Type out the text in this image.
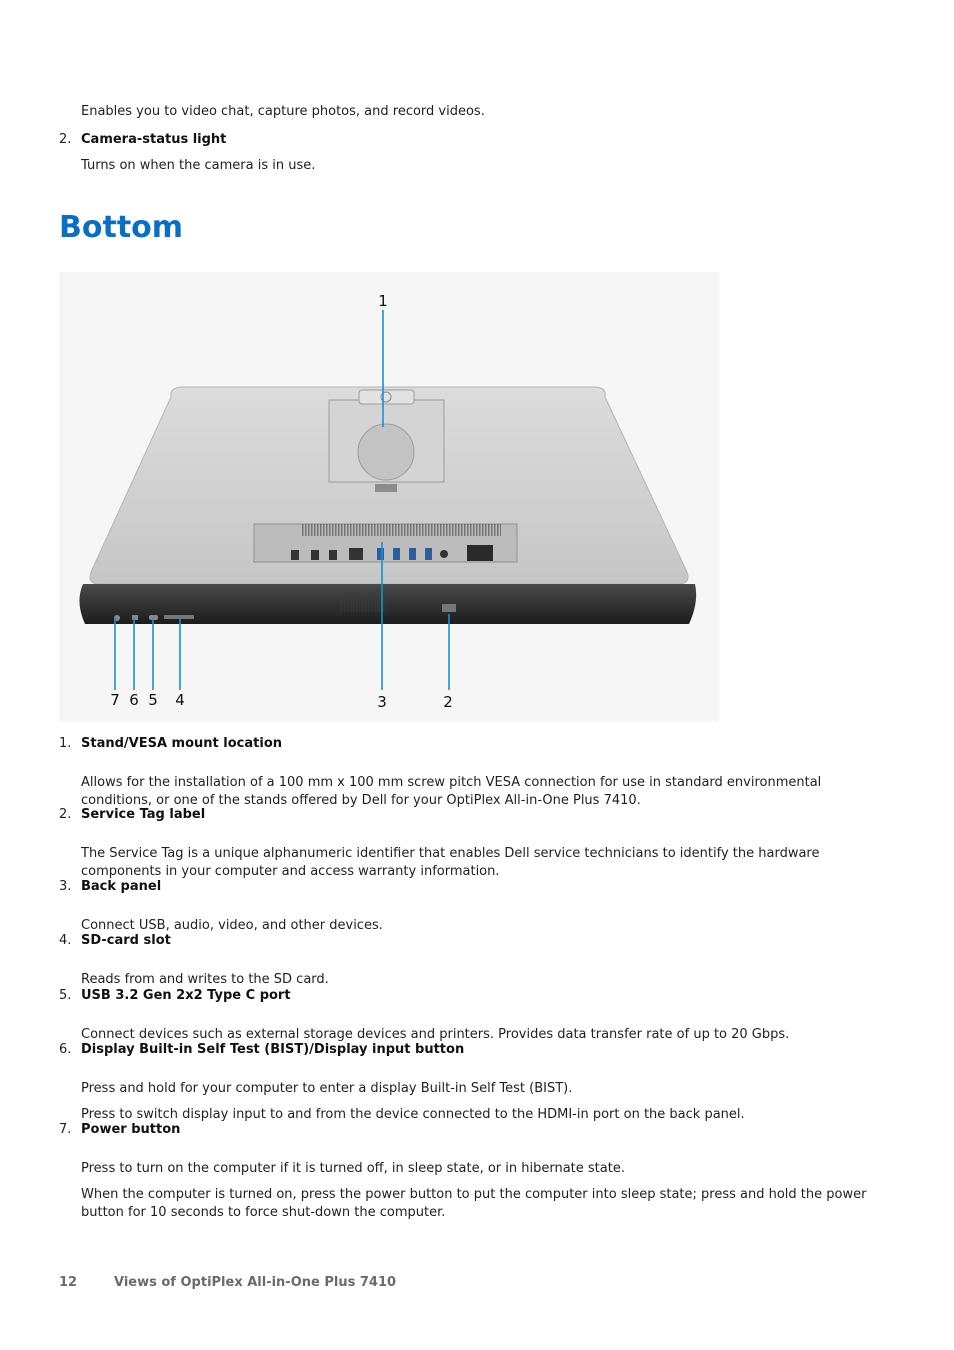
Enables you to video chat, capture photos, and record videos.

2. Camera-status light

Turns on when the camera is in use.

Bottom
1
2
3
4
5
6
7
1. Stand/VESA mount location

Allows for the installation of a 100 mm x 100 mm screw pitch VESA connection for use in standard environmental conditions, or one of the stands offered by Dell for your OptiPlex All-in-One Plus 7410.

2. Service Tag label

The Service Tag is a unique alphanumeric identifier that enables Dell service technicians to identify the hardware components in your computer and access warranty information.

3. Back panel

Connect USB, audio, video, and other devices.

4. SD-card slot

Reads from and writes to the SD card.

5. USB 3.2 Gen 2x2 Type C port

Connect devices such as external storage devices and printers. Provides data transfer rate of up to 20 Gbps.

6. Display Built-in Self Test (BIST)/Display input button

Press and hold for your computer to enter a display Built-in Self Test (BIST).

Press to switch display input to and from the device connected to the HDMI-in port on the back panel.

7. Power button

Press to turn on the computer if it is turned off, in sleep state, or in hibernate state.

When the computer is turned on, press the power button to put the computer into sleep state; press and hold the power button for 10 seconds to force shut-down the computer.

12	Views of OptiPlex All-in-One Plus 7410
